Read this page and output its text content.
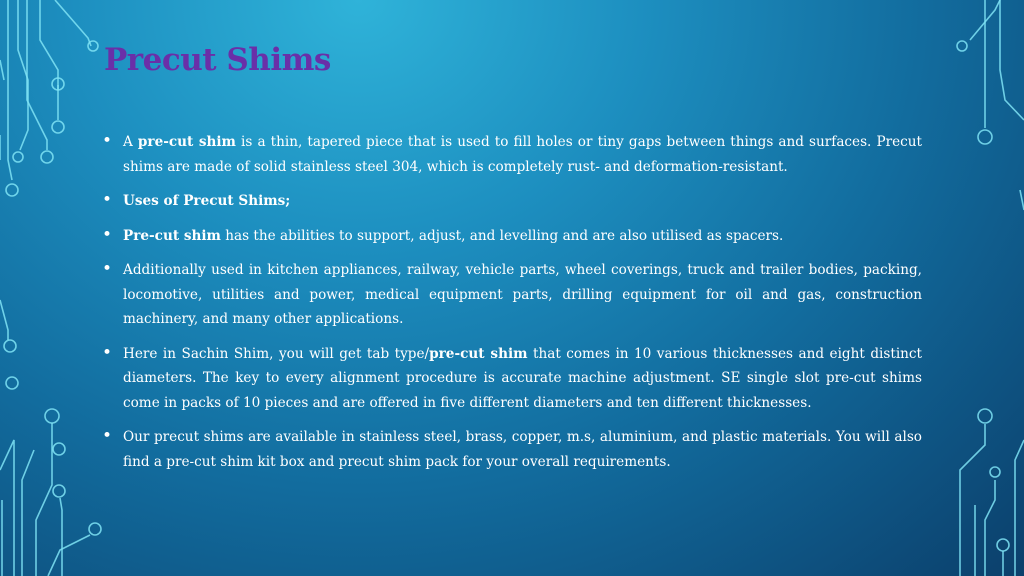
Precut Shims
• A pre-cut shim is a thin, tapered piece that is used to fill holes or tiny gaps between things and surfaces. Precut shims are made of solid stainless steel 304, which is completely rust- and deformation-resistant.
• Uses of Precut Shims;
• Pre-cut shim has the abilities to support, adjust, and levelling and are also utilised as spacers.
• Additionally used in kitchen appliances, railway, vehicle parts, wheel coverings, truck and trailer bodies, packing, locomotive, utilities and power, medical equipment parts, drilling equipment for oil and gas, construction machinery, and many other applications.
• Here in Sachin Shim, you will get tab type/pre-cut shim that comes in 10 various thicknesses and eight distinct diameters. The key to every alignment procedure is accurate machine adjustment. SE single slot pre-cut shims come in packs of 10 pieces and are offered in five different diameters and ten different thicknesses.
• Our precut shims are available in stainless steel, brass, copper, m.s, aluminium, and plastic materials. You will also find a pre-cut shim kit box and precut shim pack for your overall requirements.
